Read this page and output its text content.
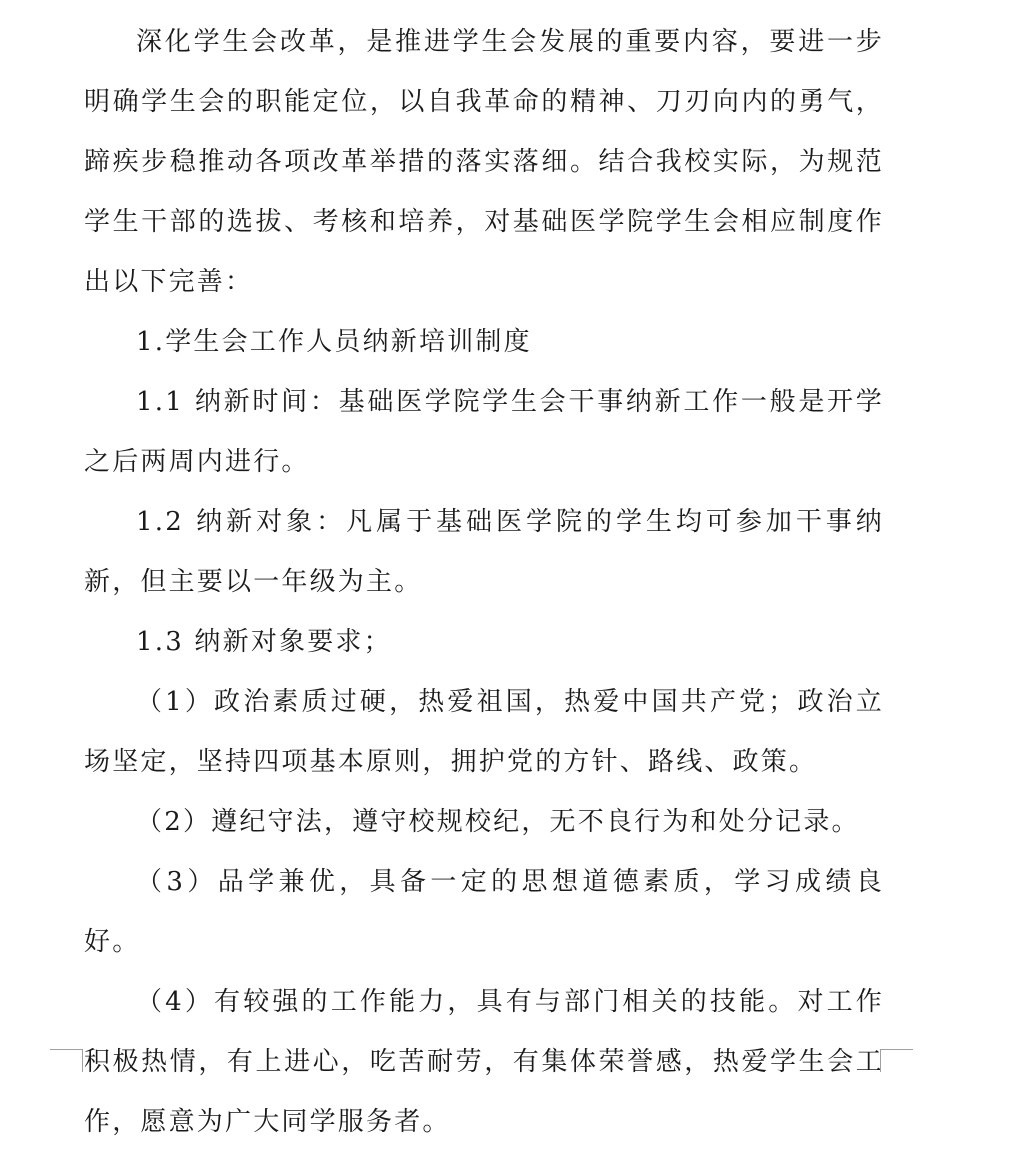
深化学生会改革，是推进学生会发展的重要内容，要进一步明确学生会的职能定位，以自我革命的精神、刀刃向内的勇气，蹄疾步稳推动各项改革举措的落实落细。结合我校实际，为规范学生干部的选拔、考核和培养，对基础医学院学生会相应制度作出以下完善：

1.学生会工作人员纳新培训制度

1.1 纳新时间：基础医学院学生会干事纳新工作一般是开学之后两周内进行。

1.2 纳新对象：凡属于基础医学院的学生均可参加干事纳新，但主要以一年级为主。

1.3 纳新对象要求；

（1）政治素质过硬，热爱祖国，热爱中国共产党；政治立场坚定，坚持四项基本原则，拥护党的方针、路线、政策。

（2）遵纪守法，遵守校规校纪，无不良行为和处分记录。

（3）品学兼优，具备一定的思想道德素质，学习成绩良好。

（4）有较强的工作能力，具有与部门相关的技能。对工作积极热情，有上进心，吃苦耐劳，有集体荣誉感，热爱学生会工作，愿意为广大同学服务者。
